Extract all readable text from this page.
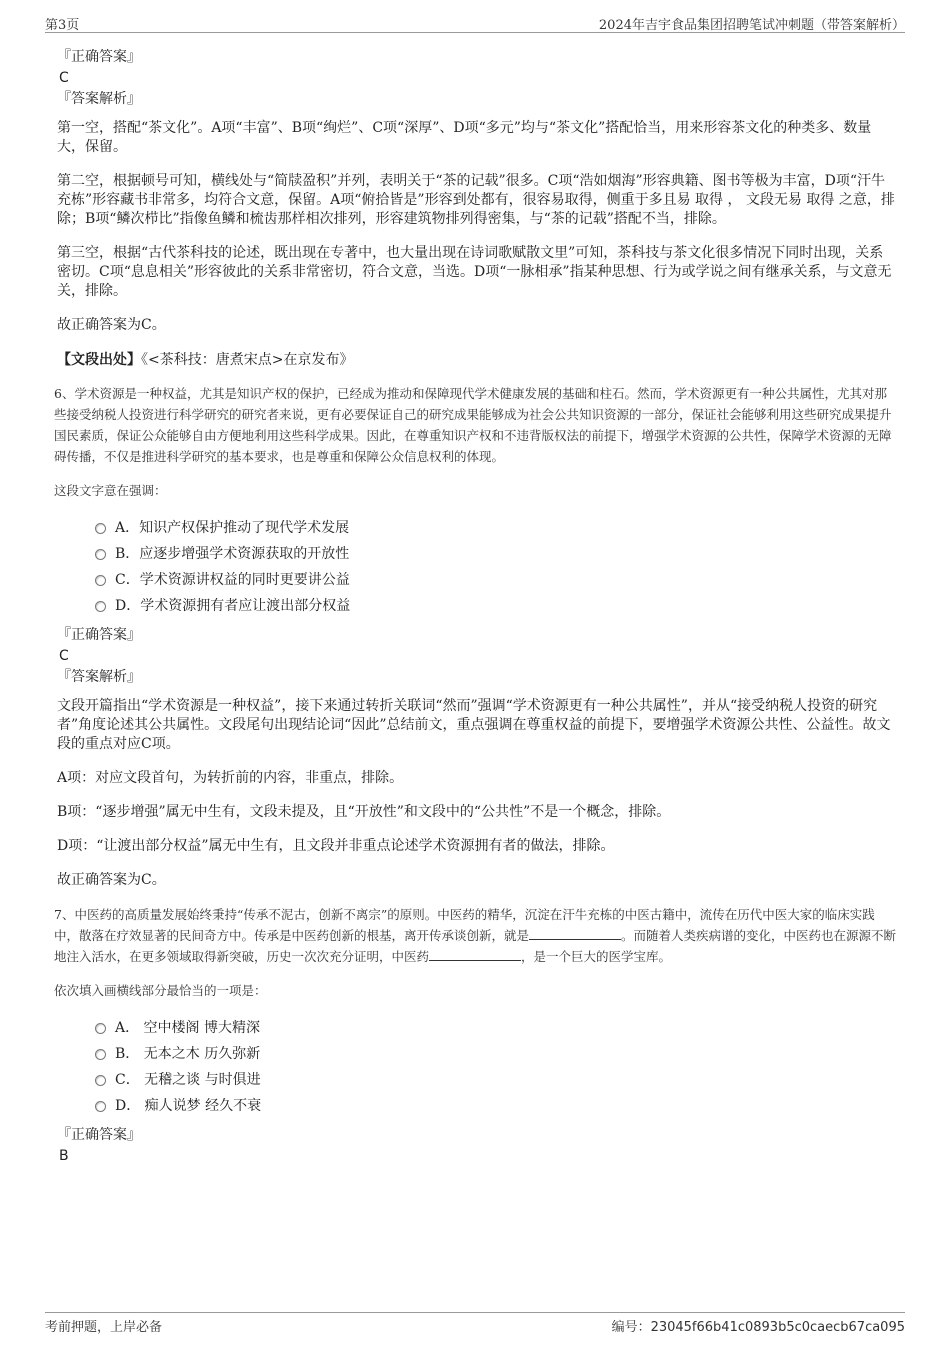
第3页	2024年吉宇食品集团招聘笔试冲刺题（带答案解析）
『正确答案』
C
『答案解析』

第一空，搭配“茶文化”。A项“丰富”、B项“绚烂”、C项“深厚”、D项“多元”均与“茶文化”搭配恰当，用来形容茶文化的种类多、数量大，保留。

第二空，根据顿号可知，横线处与“简牍盈积”并列，表明关于“茶的记载”很多。C项“浩如烟海”形容典籍、图书等极为丰富，D项“汗牛充栋”形容藏书非常多，均符合文意，保留。A项“俯拾皆是”形容到处都有，很容易取得，侧重于多且易 取得 ， 文段无易 取得 之意，排除；B项“鳞次栉比”指像鱼鳞和梳齿那样相次排列，形容建筑物排列得密集，与“茶的记载”搭配不当，排除。

第三空，根据“古代茶科技的论述，既出现在专著中，也大量出现在诗词歌赋散文里”可知，茶科技与茶文化很多情况下同时出现，关系密切。C项“息息相关”形容彼此的关系非常密切，符合文意，当选。D项“一脉相承”指某种思想、行为或学说之间有继承关系，与文意无关，排除。

故正确答案为C。

【文段出处】《<茶科技：唐煮宋点>在京发布》

6、学术资源是一种权益，尤其是知识产权的保护，已经成为推动和保障现代学术健康发展的基础和柱石。然而，学术资源更有一种公共属性，尤其对那些接受纳税人投资进行科学研究的研究者来说，更有必要保证自己的研究成果能够成为社会公共知识资源的一部分，保证社会能够利用这些研究成果提升国民素质，保证公众能够自由方便地利用这些科学成果。因此，在尊重知识产权和不违背版权法的前提下，增强学术资源的公共性，保障学术资源的无障碍传播，不仅是推进科学研究的基本要求，也是尊重和保障公众信息权利的体现。

这段文字意在强调：

A．知识产权保护推动了现代学术发展
B．应逐步增强学术资源获取的开放性
C．学术资源讲权益的同时更要讲公益
D．学术资源拥有者应让渡出部分权益
『正确答案』
C
『答案解析』

文段开篇指出“学术资源是一种权益”，接下来通过转折关联词“然而”强调“学术资源更有一种公共属性”，并从“接受纳税人投资的研究者”角度论述其公共属性。文段尾句出现结论词“因此”总结前文，重点强调在尊重权益的前提下，要增强学术资源公共性、公益性。故文段的重点对应C项。

A项：对应文段首句，为转折前的内容，非重点，排除。

B项：“逐步增强”属无中生有，文段未提及，且“开放性”和文段中的“公共性”不是一个概念，排除。

D项：“让渡出部分权益”属无中生有，且文段并非重点论述学术资源拥有者的做法，排除。

故正确答案为C。

7、中医药的高质量发展始终秉持“传承不泥古，创新不离宗”的原则。中医药的精华，沉淀在汗牛充栋的中医古籍中，流传在历代中医大家的临床实践中，散落在疗效显著的民间奇方中。传承是中医药创新的根基，离开传承谈创新，就是	。而随着人类疾病谱的变化，中医药也在源源不断地注入活水，在更多领域取得新突破，历史一次次充分证明，中医药	，是一个巨大的医学宝库。

依次填入画横线部分最恰当的一项是：

A． 空中楼阁 博大精深
B． 无本之木 历久弥新
C． 无稽之谈 与时俱进
D． 痴人说梦 经久不衰
『正确答案』
B
考前押题，上岸必备	编号：23045f66b41c0893b5c0caecb67ca095
